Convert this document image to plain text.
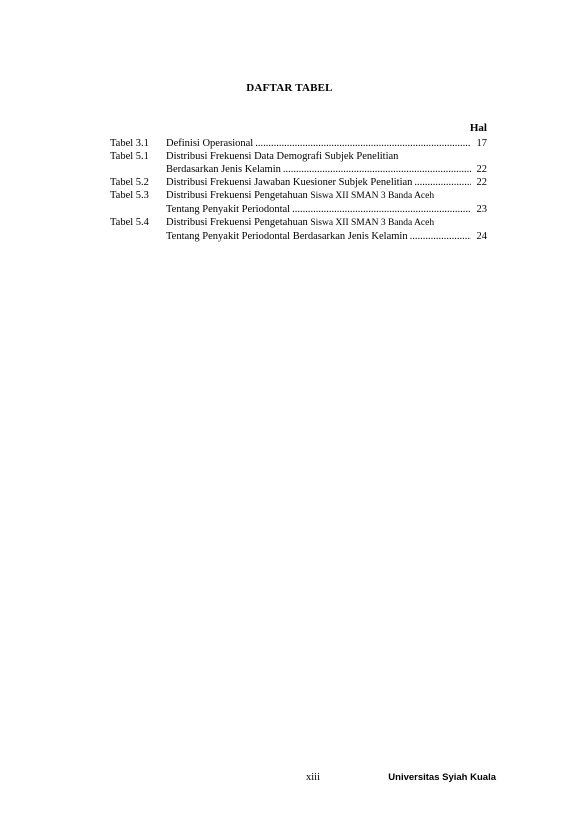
DAFTAR TABEL
Hal
Tabel 3.1	Definisi Operasional .....	17
Tabel 5.1	Distribusi Frekuensi Data Demografi Subjek Penelitian
Berdasarkan Jenis Kelamin .....	22
Tabel 5.2	Distribusi Frekuensi Jawaban Kuesioner Subjek Penelitian .....	22
Tabel 5.3	Distribusi Frekuensi Pengetahuan Siswa XII SMAN 3 Banda Aceh
Tentang Penyakit Periodontal .....	23
Tabel 5.4	Distribusi Frekuensi Pengetahuan Siswa XII SMAN 3 Banda Aceh
Tentang Penyakit Periodontal Berdasarkan Jenis Kelamin .....	24
xiii	Universitas Syiah Kuala
